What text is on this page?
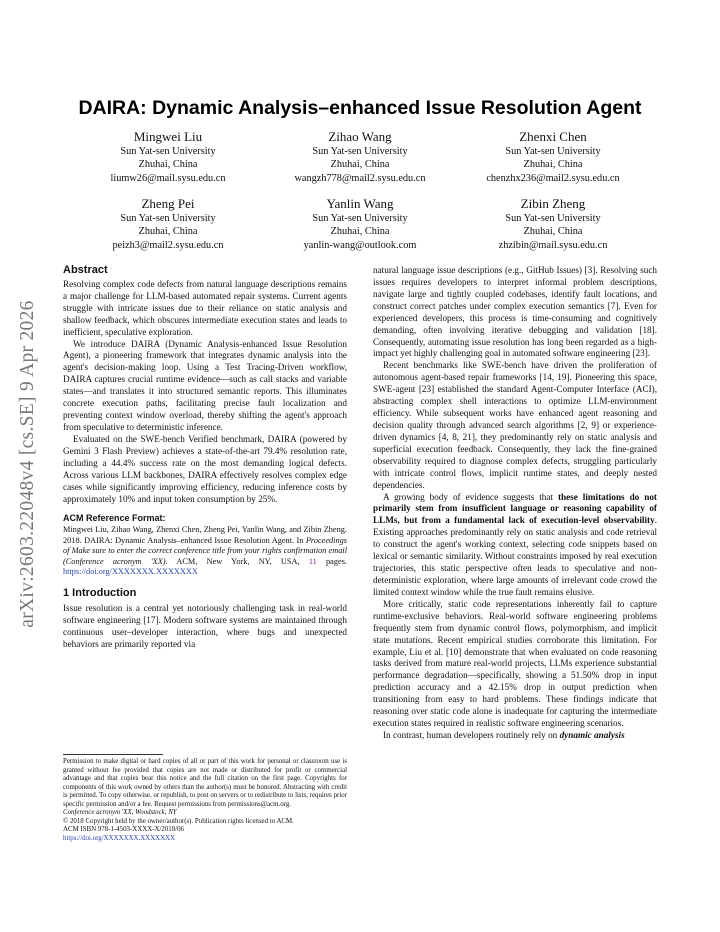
arXiv:2603.22048v4 [cs.SE] 9 Apr 2026
DAIRA: Dynamic Analysis–enhanced Issue Resolution Agent
Mingwei Liu
Sun Yat-sen University
Zhuhai, China
liumw26@mail.sysu.edu.cn
Zihao Wang
Sun Yat-sen University
Zhuhai, China
wangzh778@mail2.sysu.edu.cn
Zhenxi Chen
Sun Yat-sen University
Zhuhai, China
chenzhx236@mail2.sysu.edu.cn
Zheng Pei
Sun Yat-sen University
Zhuhai, China
peizh3@mail2.sysu.edu.cn
Yanlin Wang
Sun Yat-sen University
Zhuhai, China
yanlin-wang@outlook.com
Zibin Zheng
Sun Yat-sen University
Zhuhai, China
zhzibin@mail.sysu.edu.cn
Abstract

Resolving complex code defects from natural language descriptions remains a major challenge for LLM-based automated repair systems. Current agents struggle with intricate issues due to their reliance on static analysis and shallow feedback, which obscures intermediate execution states and leads to inefficient, speculative exploration.

We introduce DAIRA (Dynamic Analysis-enhanced Issue Resolution Agent), a pioneering framework that integrates dynamic analysis into the agent's decision-making loop. Using a Test Tracing-Driven workflow, DAIRA captures crucial runtime evidence—such as call stacks and variable states—and translates it into structured semantic reports. This illuminates concrete execution paths, facilitating precise fault localization and preventing context window overload, thereby shifting the agent's approach from speculative to deterministic inference.

Evaluated on the SWE-bench Verified benchmark, DAIRA (powered by Gemini 3 Flash Preview) achieves a state-of-the-art 79.4% resolution rate, including a 44.4% success rate on the most demanding logical defects. Across various LLM backbones, DAIRA effectively resolves complex edge cases while significantly improving efficiency, reducing inference costs by approximately 10% and input token consumption by 25%.

ACM Reference Format:

Mingwei Liu, Zihao Wang, Zhenxi Chen, Zheng Pei, Yanlin Wang, and Zibin Zheng. 2018. DAIRA: Dynamic Analysis–enhanced Issue Resolution Agent. In Proceedings of Make sure to enter the correct conference title from your rights confirmation email (Conference acronym 'XX). ACM, New York, NY, USA, 11 pages. https://doi.org/XXXXXXX.XXXXXXX

1 Introduction

Issue resolution is a central yet notoriously challenging task in real-world software engineering [17]. Modern software systems are maintained through continuous user–developer interaction, where bugs and unexpected behaviors are primarily reported via

Permission to make digital or hard copies of all or part of this work for personal or classroom use is granted without fee provided that copies are not made or distributed for profit or commercial advantage and that copies bear this notice and the full citation on the first page. Copyrights for components of this work owned by others than the author(s) must be honored. Abstracting with credit is permitted. To copy otherwise, or republish, to post on servers or to redistribute to lists, requires prior specific permission and/or a fee. Request permissions from permissions@acm.org.

Conference acronym 'XX, Woodstock, NY

© 2018 Copyright held by the owner/author(s). Publication rights licensed to ACM.

ACM ISBN 978-1-4503-XXXX-X/2018/06

https://doi.org/XXXXXXX.XXXXXXX

natural language issue descriptions (e.g., GitHub Issues) [3]. Resolving such issues requires developers to interpret informal problem descriptions, navigate large and tightly coupled codebases, identify fault locations, and construct correct patches under complex execution semantics [7]. Even for experienced developers, this process is time-consuming and cognitively demanding, often involving iterative debugging and validation [18]. Consequently, automating issue resolution has long been regarded as a high-impact yet highly challenging goal in automated software engineering [23].

Recent benchmarks like SWE-bench have driven the proliferation of autonomous agent-based repair frameworks [14, 19]. Pioneering this space, SWE-agent [23] established the standard Agent-Computer Interface (ACI), abstracting complex shell interactions to optimize LLM-environment efficiency. While subsequent works have enhanced agent reasoning and decision quality through advanced search algorithms [2, 9] or experience-driven dynamics [4, 8, 21], they predominantly rely on static analysis and superficial execution feedback. Consequently, they lack the fine-grained observability required to diagnose complex defects, struggling particularly with intricate control flows, implicit runtime states, and deeply nested dependencies.

A growing body of evidence suggests that these limitations do not primarily stem from insufficient language or reasoning capability of LLMs, but from a fundamental lack of execution-level observability. Existing approaches predominantly rely on static analysis and code retrieval to construct the agent's working context, selecting code snippets based on lexical or semantic similarity. Without constraints imposed by real execution trajectories, this static perspective often leads to speculative and non-deterministic exploration, where large amounts of irrelevant code crowd the limited context window while the true fault remains elusive.

More critically, static code representations inherently fail to capture runtime-exclusive behaviors. Real-world software engineering problems frequently stem from dynamic control flows, polymorphism, and implicit state mutations. Recent empirical studies corroborate this limitation. For example, Liu et al. [10] demonstrate that when evaluated on code reasoning tasks derived from mature real-world projects, LLMs experience substantial performance degradation—specifically, showing a 51.50% drop in input prediction accuracy and a 42.15% drop in output prediction when transitioning from easy to hard problems. These findings indicate that reasoning over static code alone is inadequate for capturing the intermediate execution states required in realistic software engineering scenarios.

In contrast, human developers routinely rely on dynamic analysis
